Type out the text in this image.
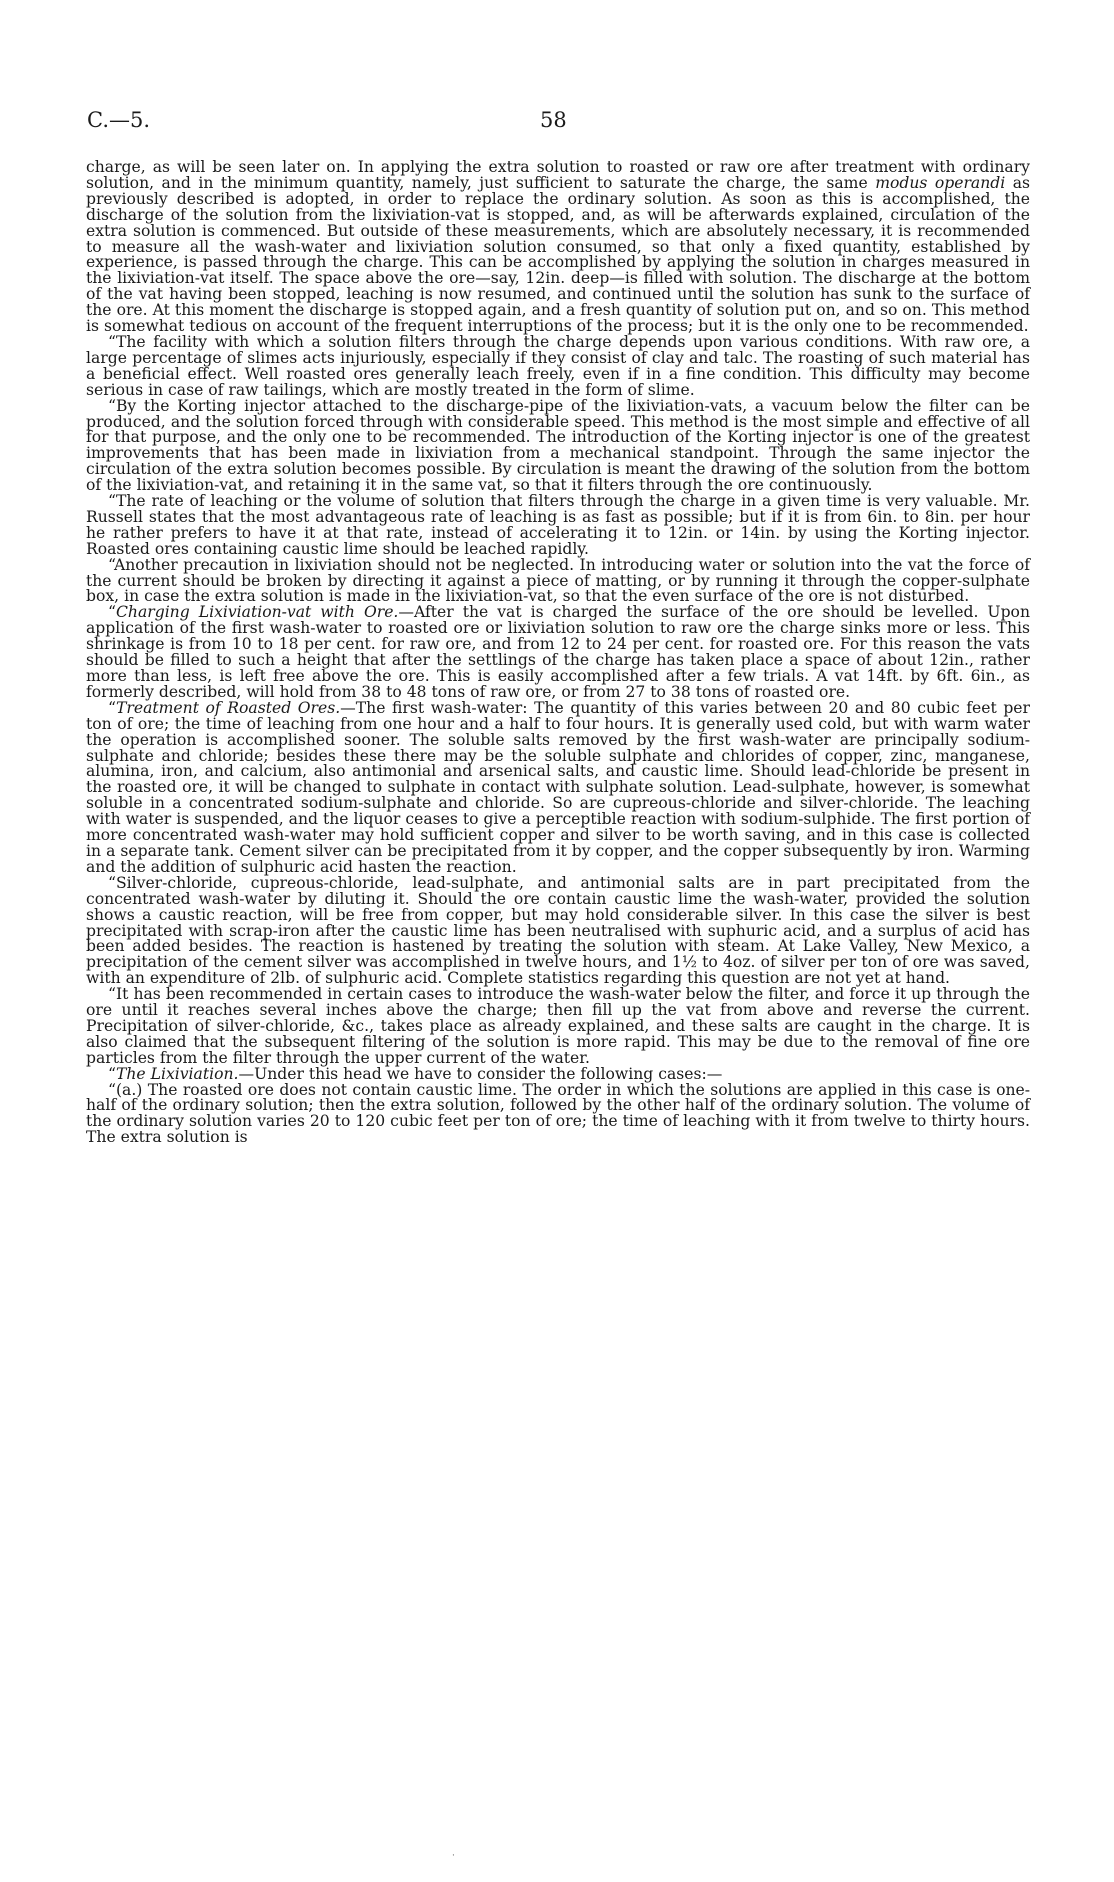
C.—5.	58

charge, as will be seen later on. In applying the extra solution to roasted or raw ore after treatment with ordinary solution, and in the minimum quantity, namely, just sufficient to saturate the charge, the same modus operandi as previously described is adopted, in order to replace the ordinary solution. As soon as this is accomplished, the discharge of the solution from the lixiviation-vat is stopped, and, as will be afterwards explained, circulation of the extra solution is commenced. But outside of these measurements, which are absolutely necessary, it is recommended to measure all the wash-water and lixiviation solution consumed, so that only a fixed quantity, established by experience, is passed through the charge. This can be accomplished by applying the solution in charges measured in the lixiviation-vat itself. The space above the ore—say, 12in. deep—is filled with solution. The discharge at the bottom of the vat having been stopped, leaching is now resumed, and continued until the solution has sunk to the surface of the ore. At this moment the discharge is stopped again, and a fresh quantity of solution put on, and so on. This method is somewhat tedious on account of the frequent interruptions of the process; but it is the only one to be recommended.

“The facility with which a solution filters through the charge depends upon various conditions. With raw ore, a large percentage of slimes acts injuriously, especially if they consist of clay and talc. The roasting of such material has a beneficial effect. Well roasted ores generally leach freely, even if in a fine condition. This difficulty may become serious in case of raw tailings, which are mostly treated in the form of slime.

“By the Korting injector attached to the discharge-pipe of the lixiviation-vats, a vacuum below the filter can be produced, and the solution forced through with considerable speed. This method is the most simple and effective of all for that purpose, and the only one to be recommended. The introduction of the Korting injector is one of the greatest improvements that has been made in lixiviation from a mechanical standpoint. Through the same injector the circulation of the extra solution becomes possible. By circulation is meant the drawing of the solution from the bottom of the lixiviation-vat, and retaining it in the same vat, so that it filters through the ore continuously.

“The rate of leaching or the volume of solution that filters through the charge in a given time is very valuable. Mr. Russell states that the most advantageous rate of leaching is as fast as possible; but if it is from 6in. to 8in. per hour he rather prefers to have it at that rate, instead of accelerating it to 12in. or 14in. by using the Korting injector. Roasted ores containing caustic lime should be leached rapidly.

“Another precaution in lixiviation should not be neglected. In introducing water or solution into the vat the force of the current should be broken by directing it against a piece of matting, or by running it through the copper-sulphate box, in case the extra solution is made in the lixiviation-vat, so that the even surface of the ore is not disturbed.

“Charging Lixiviation-vat with Ore.—After the vat is charged the surface of the ore should be levelled. Upon application of the first wash-water to roasted ore or lixiviation solution to raw ore the charge sinks more or less. This shrinkage is from 10 to 18 per cent. for raw ore, and from 12 to 24 per cent. for roasted ore. For this reason the vats should be filled to such a height that after the settlings of the charge has taken place a space of about 12in., rather more than less, is left free above the ore. This is easily accomplished after a few trials. A vat 14ft. by 6ft. 6in., as formerly described, will hold from 38 to 48 tons of raw ore, or from 27 to 38 tons of roasted ore.

“Treatment of Roasted Ores.—The first wash-water: The quantity of this varies between 20 and 80 cubic feet per ton of ore; the time of leaching from one hour and a half to four hours. It is generally used cold, but with warm water the operation is accomplished sooner. The soluble salts removed by the first wash-water are principally sodium-sulphate and chloride; besides these there may be the soluble sulphate and chlorides of copper, zinc, manganese, alumina, iron, and calcium, also antimonial and arsenical salts, and caustic lime. Should lead-chloride be present in the roasted ore, it will be changed to sulphate in contact with sulphate solution. Lead-sulphate, however, is somewhat soluble in a concentrated sodium-sulphate and chloride. So are cupreous-chloride and silver-chloride. The leaching with water is suspended, and the liquor ceases to give a perceptible reaction with sodium-sulphide. The first portion of more concentrated wash-water may hold sufficient copper and silver to be worth saving, and in this case is collected in a separate tank. Cement silver can be precipitated from it by copper, and the copper subsequently by iron. Warming and the addition of sulphuric acid hasten the reaction.

“Silver-chloride, cupreous-chloride, lead-sulphate, and antimonial salts are in part precipitated from the concentrated wash-water by diluting it. Should the ore contain caustic lime the wash-water, provided the solution shows a caustic reaction, will be free from copper, but may hold considerable silver. In this case the silver is best precipitated with scrap-iron after the caustic lime has been neutralised with suphuric acid, and a surplus of acid has been added besides. The reaction is hastened by treating the solution with steam. At Lake Valley, New Mexico, a precipitation of the cement silver was accomplished in twelve hours, and 1½ to 4oz. of silver per ton of ore was saved, with an expenditure of 2lb. of sulphuric acid. Complete statistics regarding this question are not yet at hand.

“It has been recommended in certain cases to introduce the wash-water below the filter, and force it up through the ore until it reaches several inches above the charge; then fill up the vat from above and reverse the current. Precipitation of silver-chloride, &c., takes place as already explained, and these salts are caught in the charge. It is also claimed that the subsequent filtering of the solution is more rapid. This may be due to the removal of fine ore particles from the filter through the upper current of the water.

“The Lixiviation.—Under this head we have to consider the following cases:—

“(a.) The roasted ore does not contain caustic lime. The order in which the solutions are applied in this case is one-half of the ordinary solution; then the extra solution, followed by the other half of the ordinary solution. The volume of the ordinary solution varies 20 to 120 cubic feet per ton of ore; the time of leaching with it from twelve to thirty hours. The extra solution is

·
